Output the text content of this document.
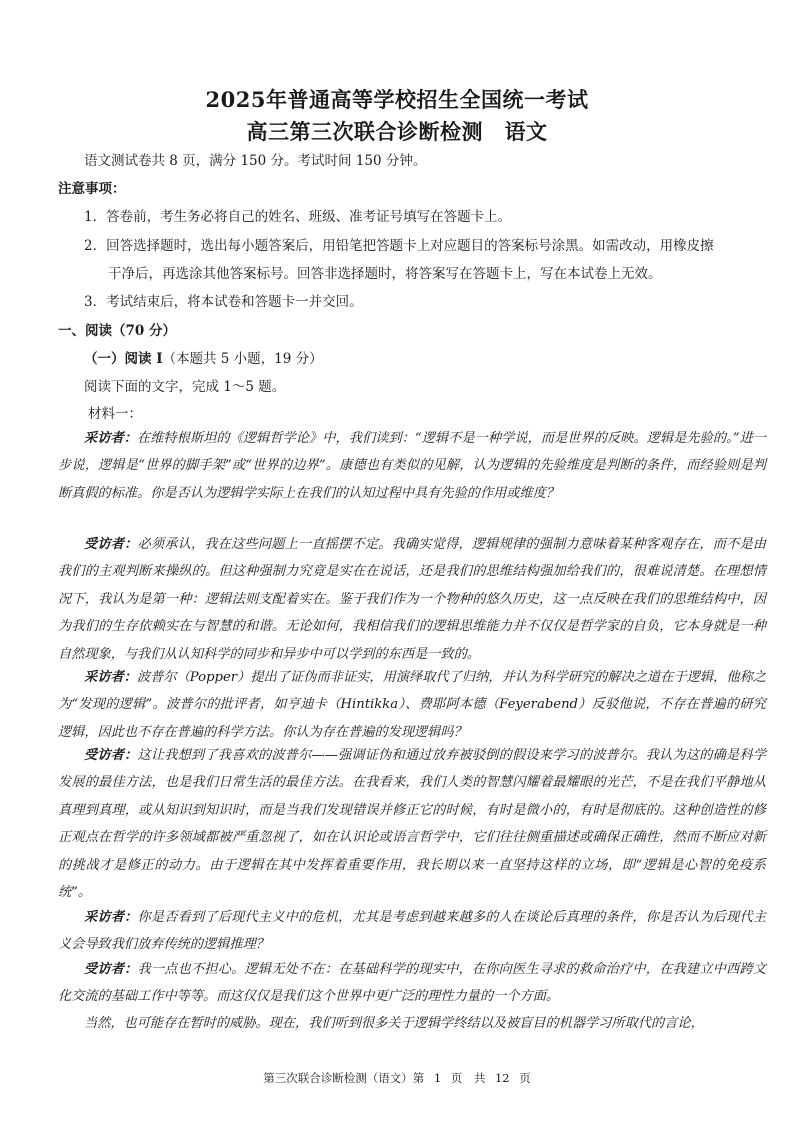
2025年普通高等学校招生全国统一考试
高三第三次联合诊断检测　语文
语文测试卷共 8 页，满分 150 分。考试时间 150 分钟。
注意事项：
1．答卷前，考生务必将自己的姓名、班级、准考证号填写在答题卡上。
2．回答选择题时，选出每小题答案后，用铅笔把答题卡上对应题目的答案标号涂黑。如需改动，用橡皮擦
干净后，再选涂其他答案标号。回答非选择题时，将答案写在答题卡上，写在本试卷上无效。
3．考试结束后，将本试卷和答题卡一并交回。
一、阅读（70 分）
（一）阅读 I（本题共 5 小题，19 分）
阅读下面的文字，完成 1～5 题。
材料一：
采访者：在维特根斯坦的《逻辑哲学论》中，我们读到：“逻辑不是一种学说，而是世界的反映。逻辑是先验的。”进一步说，逻辑是“世界的脚手架”或“世界的边界”。康德也有类似的见解，认为逻辑的先验维度是判断的条件，而经验则是判断真假的标准。你是否认为逻辑学实际上在我们的认知过程中具有先验的作用或维度？
受访者：必须承认，我在这些问题上一直摇摆不定。我确实觉得，逻辑规律的强制力意味着某种客观存在，而不是由我们的主观判断来操纵的。但这种强制力究竟是实在在说话，还是我们的思维结构强加给我们的，很难说清楚。在理想情况下，我认为是第一种：逻辑法则支配着实在。鉴于我们作为一个物种的悠久历史，这一点反映在我们的思维结构中，因为我们的生存依赖实在与智慧的和谐。无论如何，我相信我们的逻辑思维能力并不仅仅是哲学家的自负，它本身就是一种自然现象，与我们从认知科学的同步和异步中可以学到的东西是一致的。
采访者：波普尔（Popper）提出了证伪而非证实，用演绎取代了归纳，并认为科学研究的解决之道在于逻辑，他称之为“发现的逻辑”。波普尔的批评者，如亨迪卡（Hintikka）、费耶阿本德（Feyerabend）反驳他说，不存在普遍的研究逻辑，因此也不存在普遍的科学方法。你认为存在普遍的发现逻辑吗？
受访者：这让我想到了我喜欢的波普尔——强调证伪和通过放弃被驳倒的假设来学习的波普尔。我认为这的确是科学发展的最佳方法，也是我们日常生活的最佳方法。在我看来，我们人类的智慧闪耀着最耀眼的光芒，不是在我们平静地从真理到真理，或从知识到知识时，而是当我们发现错误并修正它的时候，有时是微小的，有时是彻底的。这种创造性的修正观点在哲学的许多领域都被严重忽视了，如在认识论或语言哲学中，它们往往侧重描述或确保正确性，然而不断应对新的挑战才是修正的动力。由于逻辑在其中发挥着重要作用，我长期以来一直坚持这样的立场，即“逻辑是心智的免疫系统”。
采访者：你是否看到了后现代主义中的危机，尤其是考虑到越来越多的人在谈论后真理的条件，你是否认为后现代主义会导致我们放弃传统的逻辑推理？
受访者：我一点也不担心。逻辑无处不在：在基础科学的现实中，在你向医生寻求的救命治疗中，在我建立中西跨文化交流的基础工作中等等。而这仅仅是我们这个世界中更广泛的理性力量的一个方面。
当然，也可能存在暂时的威胁。现在，我们听到很多关于逻辑学终结以及被盲目的机器学习所取代的言论，
第三次联合诊断检测（语文）第 1 页　共 12 页
